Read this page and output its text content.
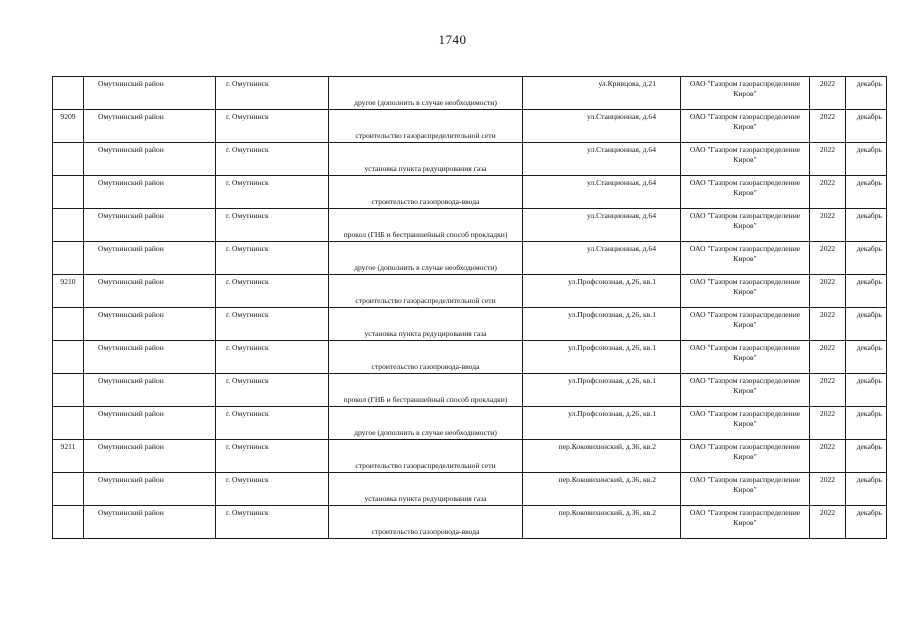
1740

	Омутнинский район	г. Омутнинск	другое (дополнить в случае необходимости)	ул.Кривцова, д.21	ОАО "Газпром газораспределение Киров"	2022	декабрь

9209	Омутнинский район	г. Омутнинск	строительство газораспределительной сети	ул.Станционная, д.64	ОАО "Газпром газораспределение Киров"	2022	декабрь

	Омутнинский район	г. Омутнинск	установка пункта редуцирования газа	ул.Станционная, д.64	ОАО "Газпром газораспределение Киров"	2022	декабрь

	Омутнинский район	г. Омутнинск	строительство газопровода-ввода	ул.Станционная, д.64	ОАО "Газпром газораспределение Киров"	2022	декабрь

	Омутнинский район	г. Омутнинск	прокол (ГНБ и бестраншейный способ прокладки)	ул.Станционная, д.64	ОАО "Газпром газораспределение Киров"	2022	декабрь

	Омутнинский район	г. Омутнинск	другое (дополнить в случае необходимости)	ул.Станционная, д.64	ОАО "Газпром газораспределение Киров"	2022	декабрь

9210	Омутнинский район	г. Омутнинск	строительство газораспределительной сети	ул.Профсоюзная, д.26, кв.1	ОАО "Газпром газораспределение Киров"	2022	декабрь

	Омутнинский район	г. Омутнинск	установка пункта редуцирования газа	ул.Профсоюзная, д.26, кв.1	ОАО "Газпром газораспределение Киров"	2022	декабрь

	Омутнинский район	г. Омутнинск	строительство газопровода-ввода	ул.Профсоюзная, д.26, кв.1	ОАО "Газпром газораспределение Киров"	2022	декабрь

	Омутнинский район	г. Омутнинск	прокол (ГНБ и бестраншейный способ прокладки)	ул.Профсоюзная, д.26, кв.1	ОАО "Газпром газораспределение Киров"	2022	декабрь

	Омутнинский район	г. Омутнинск	другое (дополнить в случае необходимости)	ул.Профсоюзная, д.26, кв.1	ОАО "Газпром газораспределение Киров"	2022	декабрь

9211	Омутнинский район	г. Омутнинск	строительство газораспределительной сети	пер.Коковихинский, д.36, кв.2	ОАО "Газпром газораспределение Киров"	2022	декабрь

	Омутнинский район	г. Омутнинск	установка пункта редуцирования газа	пер.Коковихинский, д.36, кв.2	ОАО "Газпром газораспределение Киров"	2022	декабрь

	Омутнинский район	г. Омутнинск	строительство газопровода-ввода	пер.Коковихинский, д.36, кв.2	ОАО "Газпром газораспределение Киров"	2022	декабрь
